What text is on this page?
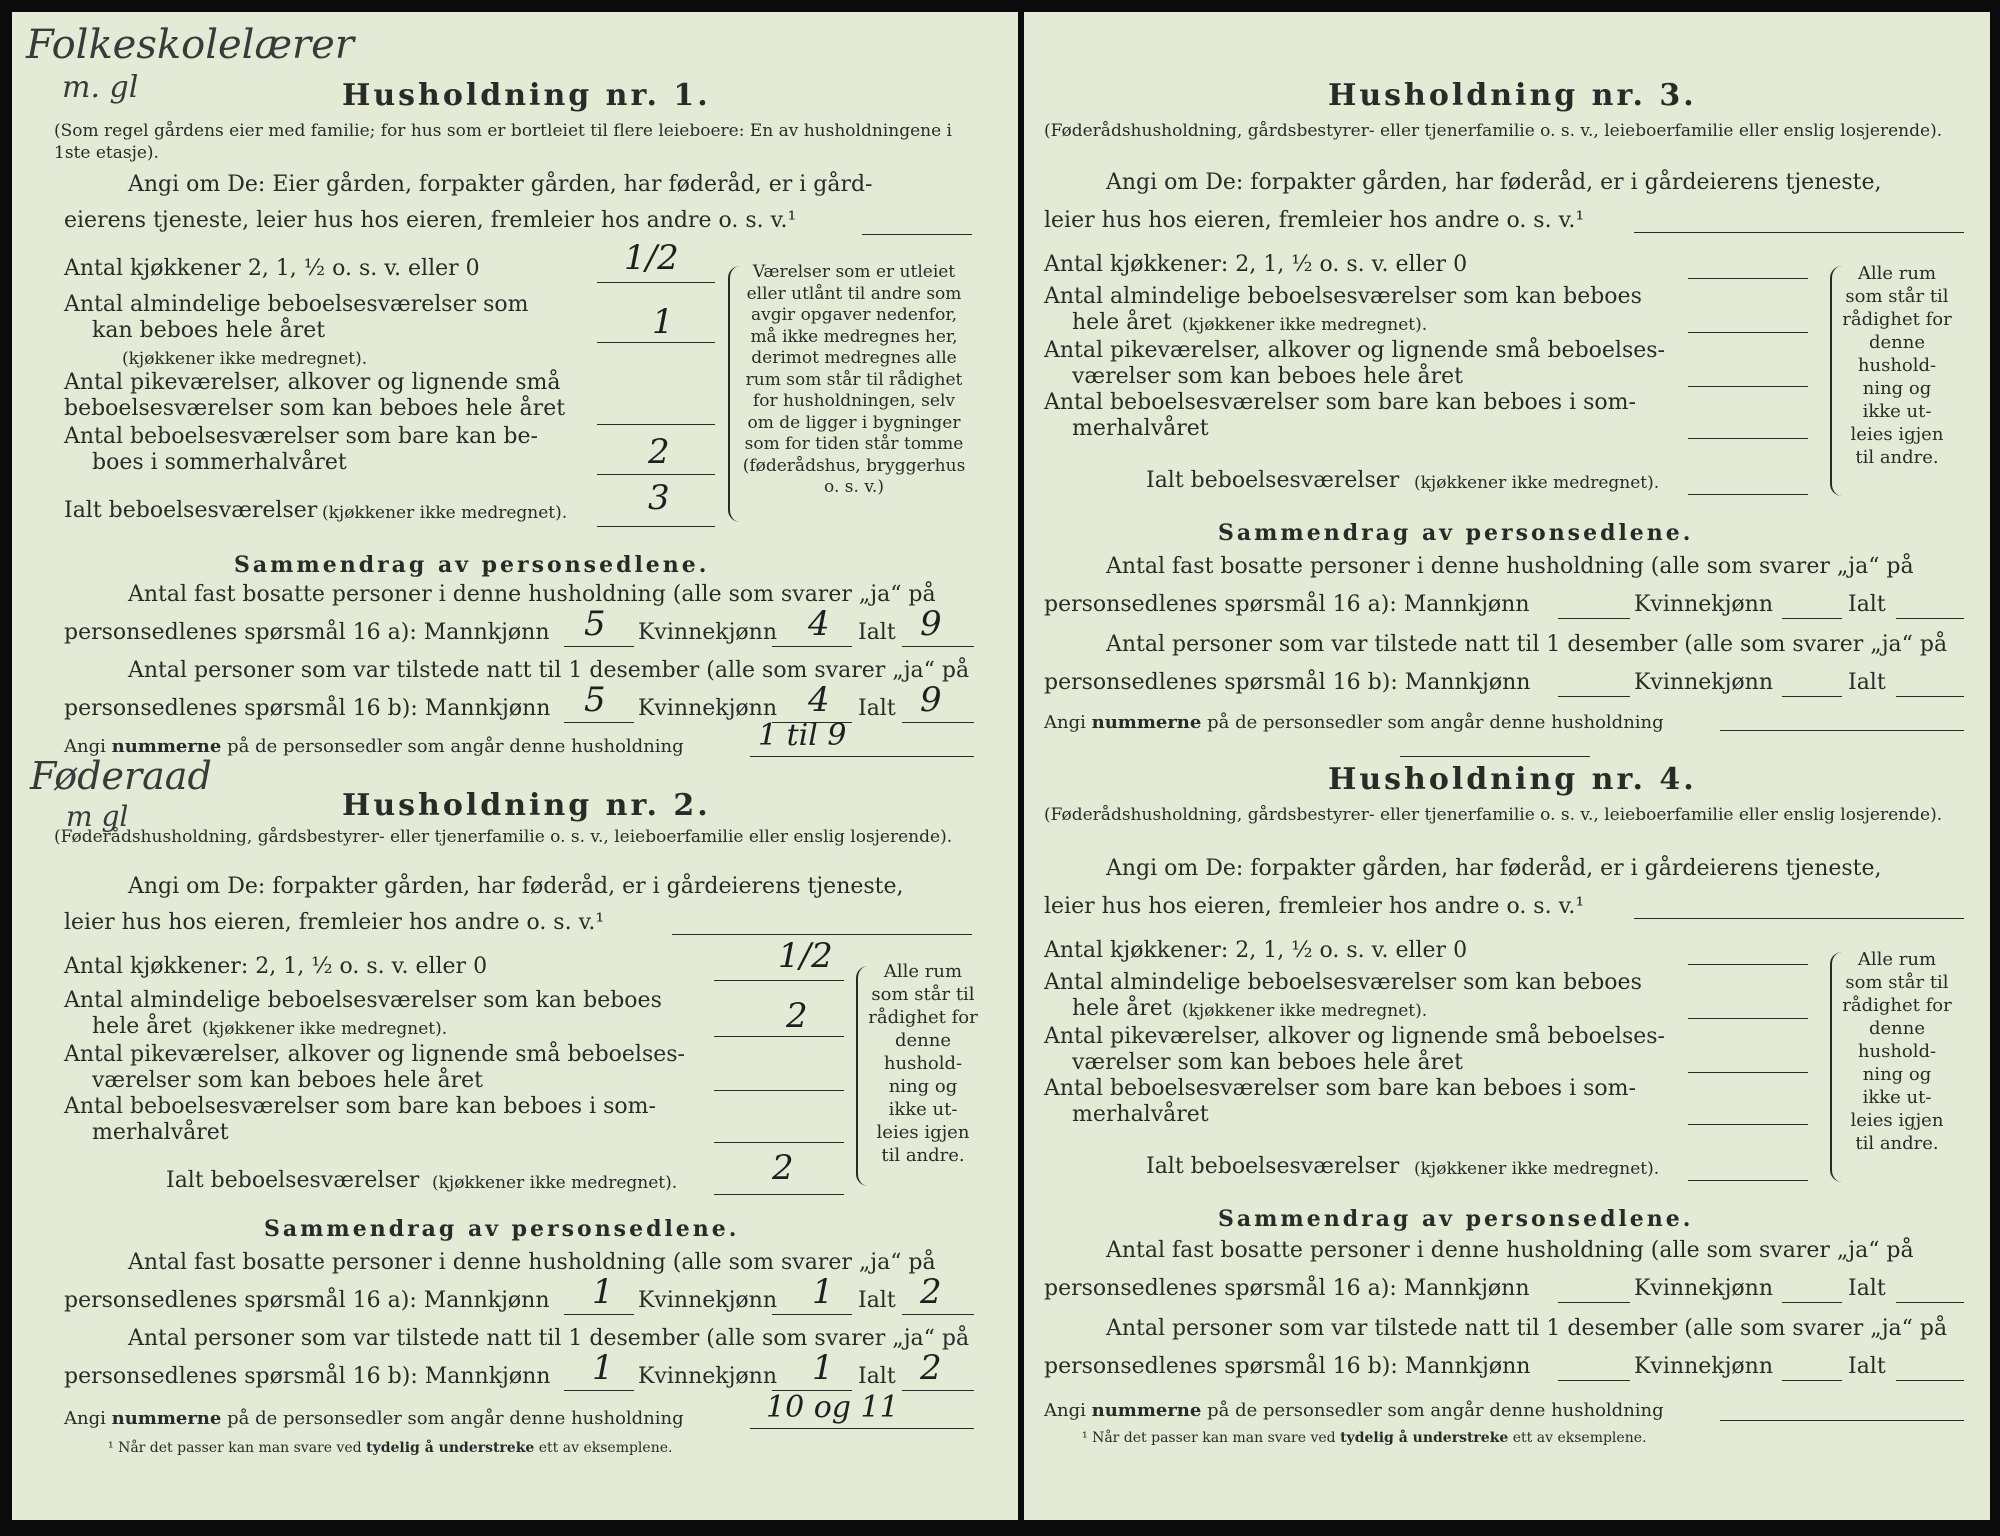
Folkeskolelærer
m. gl	Husholdning nr. 1.
(Som regel gårdens eier med familie; for hus som er bortleiet til flere leieboere: En av husholdningene i 1ste etasje).
Angi om De: Eier gården, forpakter gården, har føderåd, er i gård-
eierens tjeneste, leier hus hos eieren, fremleier hos andre o. s. v.¹
Antal kjøkkener 2, 1, ½ o. s. v. eller 0	1/2
Antal almindelige beboelsesværelser som
kan beboes hele året	1
(kjøkkener ikke medregnet).
Antal pikeværelser, alkover og lignende små
beboelsesværelser som kan beboes hele året
Antal beboelsesværelser som bare kan be-
boes i sommerhalvåret	2
Ialt beboelsesværelser (kjøkkener ikke medregnet). 3
Værelser som er utleiet eller utlånt til andre som avgir opgaver nedenfor, må ikke medregnes her, derimot medregnes alle rum som står til rådighet for husholdningen, selv om de ligger i bygninger som for tiden står tomme (føderådshus, bryggerhus o. s. v.)
Sammendrag av personsedlene.
Antal fast bosatte personer i denne husholdning (alle som svarer „ja“ på
personsedlenes spørsmål 16 a): Mannkjønn 5 Kvinnekjønn 4 Ialt 9
Antal personer som var tilstede natt til 1 desember (alle som svarer „ja“ på
personsedlenes spørsmål 16 b): Mannkjønn 5 Kvinnekjønn 4 Ialt 9
Angi nummerne på de personsedler som angår denne husholdning 1 til 9
Føderaad
m gl	Husholdning nr. 2.
(Føderådshusholdning, gårdsbestyrer- eller tjenerfamilie o. s. v., leieboerfamilie eller enslig losjerende).
Angi om De: forpakter gården, har føderåd, er i gårdeierens tjeneste,
leier hus hos eieren, fremleier hos andre o. s. v.¹
Antal kjøkkener: 2, 1, ½ o. s. v. eller 0	1/2
Antal almindelige beboelsesværelser som kan beboes
hele året (kjøkkener ikke medregnet).	2
Antal pikeværelser, alkover og lignende små beboelses-
værelser som kan beboes hele året
Antal beboelsesværelser som bare kan beboes i som-
merhalvåret
Ialt beboelsesværelser (kjøkkener ikke medregnet).	2
Alle rum som står til rådighet for denne hushold-ning og ikke ut-leies igjen til andre.
Sammendrag av personsedlene.
Antal fast bosatte personer i denne husholdning (alle som svarer „ja“ på
personsedlenes spørsmål 16 a): Mannkjønn 1 Kvinnekjønn 1 Ialt 2
Antal personer som var tilstede natt til 1 desember (alle som svarer „ja“ på
personsedlenes spørsmål 16 b): Mannkjønn 1 Kvinnekjønn 1 Ialt 2
Angi nummerne på de personsedler som angår denne husholdning	10 og 11
¹ Når det passer kan man svare ved tydelig å understreke ett av eksemplene.
Husholdning nr. 3.
(Føderådshusholdning, gårdsbestyrer- eller tjenerfamilie o. s. v., leieboerfamilie eller enslig losjerende).
Angi om De: forpakter gården, har føderåd, er i gårdeierens tjeneste,
leier hus hos eieren, fremleier hos andre o. s. v.¹
Antal kjøkkener: 2, 1, ½ o. s. v. eller 0
Antal almindelige beboelsesværelser som kan beboes
hele året (kjøkkener ikke medregnet).
Antal pikeværelser, alkover og lignende små beboelses-
værelser som kan beboes hele året
Antal beboelsesværelser som bare kan beboes i som-
merhalvåret
Ialt beboelsesværelser (kjøkkener ikke medregnet).
Alle rum som står til rådighet for denne hushold-ning og ikke ut-leies igjen til andre.
Sammendrag av personsedlene.
Antal fast bosatte personer i denne husholdning (alle som svarer „ja“ på
personsedlenes spørsmål 16 a): Mannkjønn	Kvinnekjønn	Ialt
Antal personer som var tilstede natt til 1 desember (alle som svarer „ja“ på
personsedlenes spørsmål 16 b): Mannkjønn	Kvinnekjønn	Ialt
Angi nummerne på de personsedler som angår denne husholdning
Husholdning nr. 4.
(Føderådshusholdning, gårdsbestyrer- eller tjenerfamilie o. s. v., leieboerfamilie eller enslig losjerende).
Angi om De: forpakter gården, har føderåd, er i gårdeierens tjeneste,
leier hus hos eieren, fremleier hos andre o. s. v.¹
Antal kjøkkener: 2, 1, ½ o. s. v. eller 0
Antal almindelige beboelsesværelser som kan beboes
hele året (kjøkkener ikke medregnet).
Antal pikeværelser, alkover og lignende små beboelses-
værelser som kan beboes hele året
Antal beboelsesværelser som bare kan beboes i som-
merhalvåret
Ialt beboelsesværelser (kjøkkener ikke medregnet).
Alle rum som står til rådighet for denne hushold-ning og ikke ut-leies igjen til andre.
Sammendrag av personsedlene.
Antal fast bosatte personer i denne husholdning (alle som svarer „ja“ på
personsedlenes spørsmål 16 a): Mannkjønn	Kvinnekjønn	Ialt
Antal personer som var tilstede natt til 1 desember (alle som svarer „ja“ på
personsedlenes spørsmål 16 b): Mannkjønn	Kvinnekjønn	Ialt
Angi nummerne på de personsedler som angår denne husholdning
¹ Når det passer kan man svare ved tydelig å understreke ett av eksemplene.
